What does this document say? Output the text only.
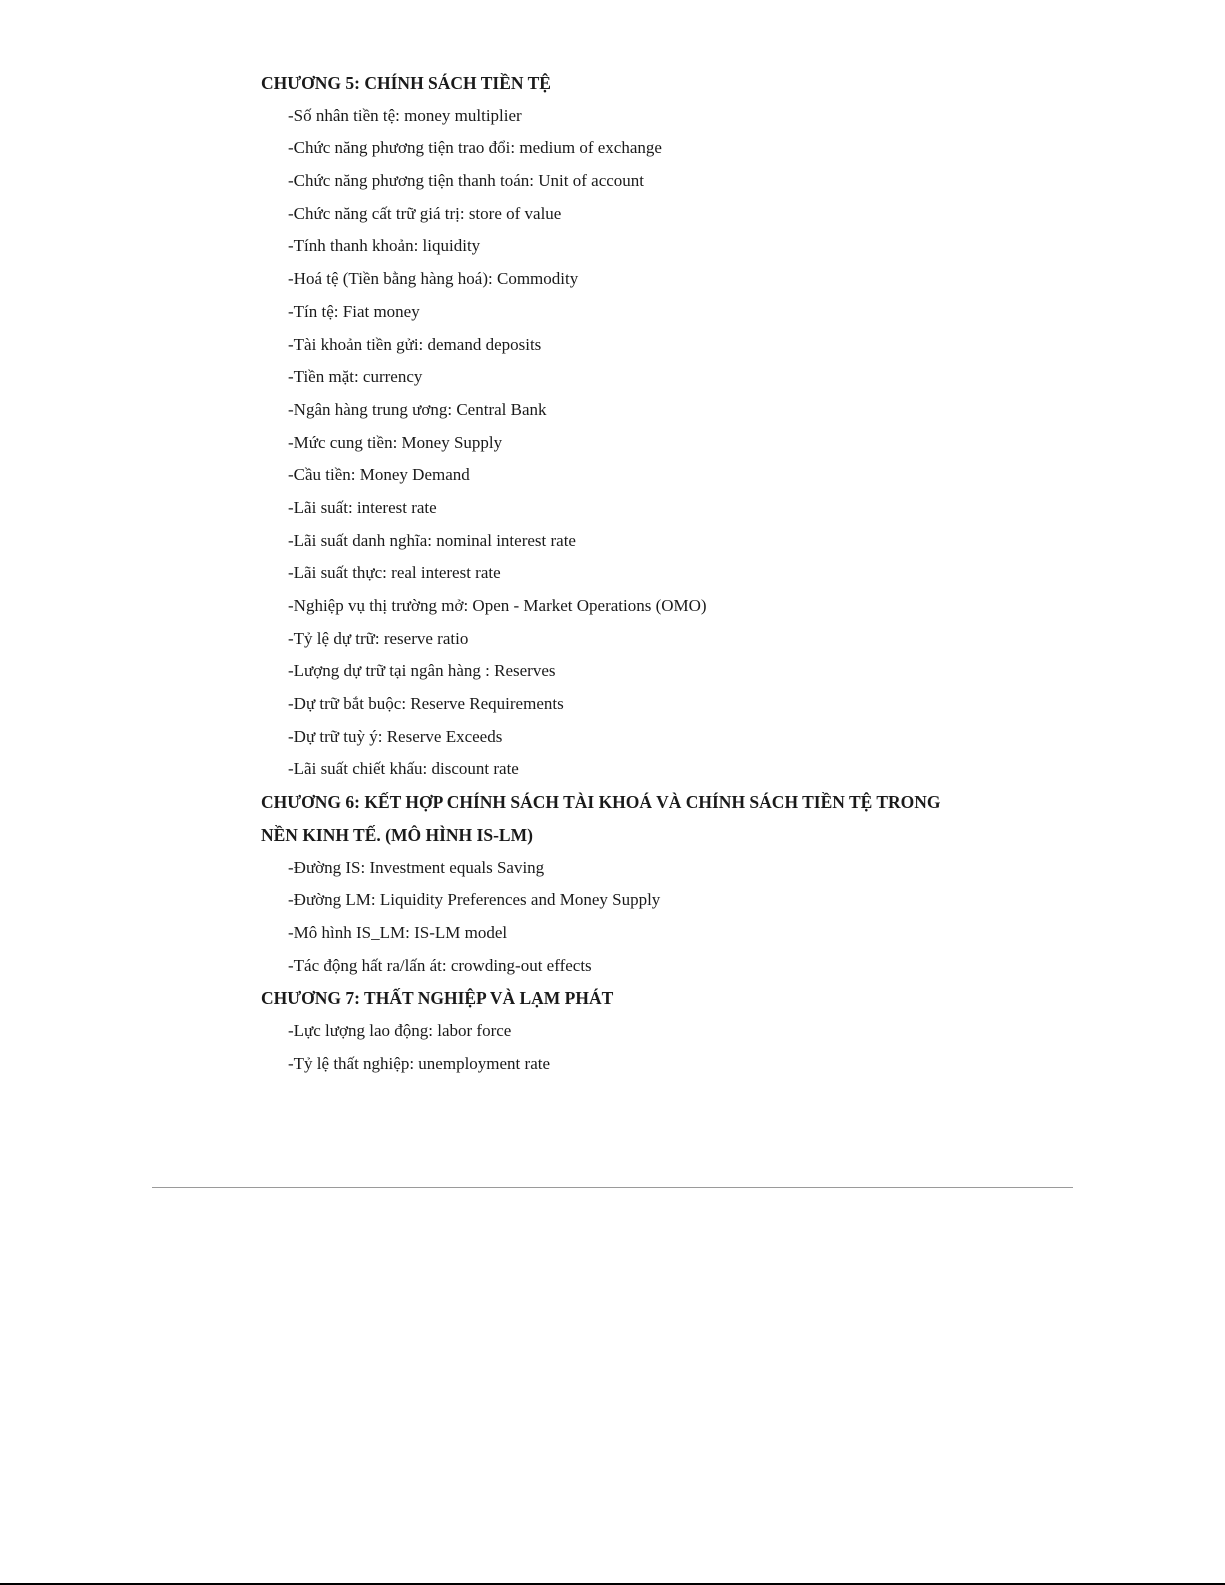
CHƯƠNG 5: CHÍNH SÁCH TIỀN TỆ
-Số nhân tiền tệ: money multiplier
-Chức năng phương tiện trao đổi: medium of exchange
-Chức năng phương tiện thanh toán: Unit of account
-Chức năng cất trữ giá trị: store of value
-Tính thanh khoản: liquidity
-Hoá tệ (Tiền bằng hàng hoá): Commodity
-Tín tệ: Fiat money
-Tài khoản tiền gửi: demand deposits
-Tiền mặt: currency
-Ngân hàng trung ương: Central Bank
-Mức cung tiền: Money Supply
-Cầu tiền: Money Demand
-Lãi suất: interest rate
-Lãi suất danh nghĩa: nominal interest rate
-Lãi suất thực: real interest rate
-Nghiệp vụ thị trường mở: Open - Market Operations (OMO)
-Tỷ lệ dự trữ: reserve ratio
-Lượng dự trữ tại ngân hàng : Reserves
-Dự trữ bắt buộc: Reserve Requirements
-Dự trữ tuỳ ý: Reserve Exceeds
-Lãi suất chiết khấu: discount rate
CHƯƠNG 6: KẾT HỢP CHÍNH SÁCH TÀI KHOÁ VÀ CHÍNH SÁCH TIỀN TỆ TRONG
NỀN KINH TẾ. (MÔ HÌNH IS-LM)
-Đường IS: Investment equals Saving
-Đường LM: Liquidity Preferences and Money Supply
-Mô hình IS_LM: IS-LM model
-Tác động hất ra/lấn át: crowding-out effects
CHƯƠNG 7: THẤT NGHIỆP VÀ LẠM PHÁT
-Lực lượng lao động: labor force
-Tỷ lệ thất nghiệp: unemployment rate
